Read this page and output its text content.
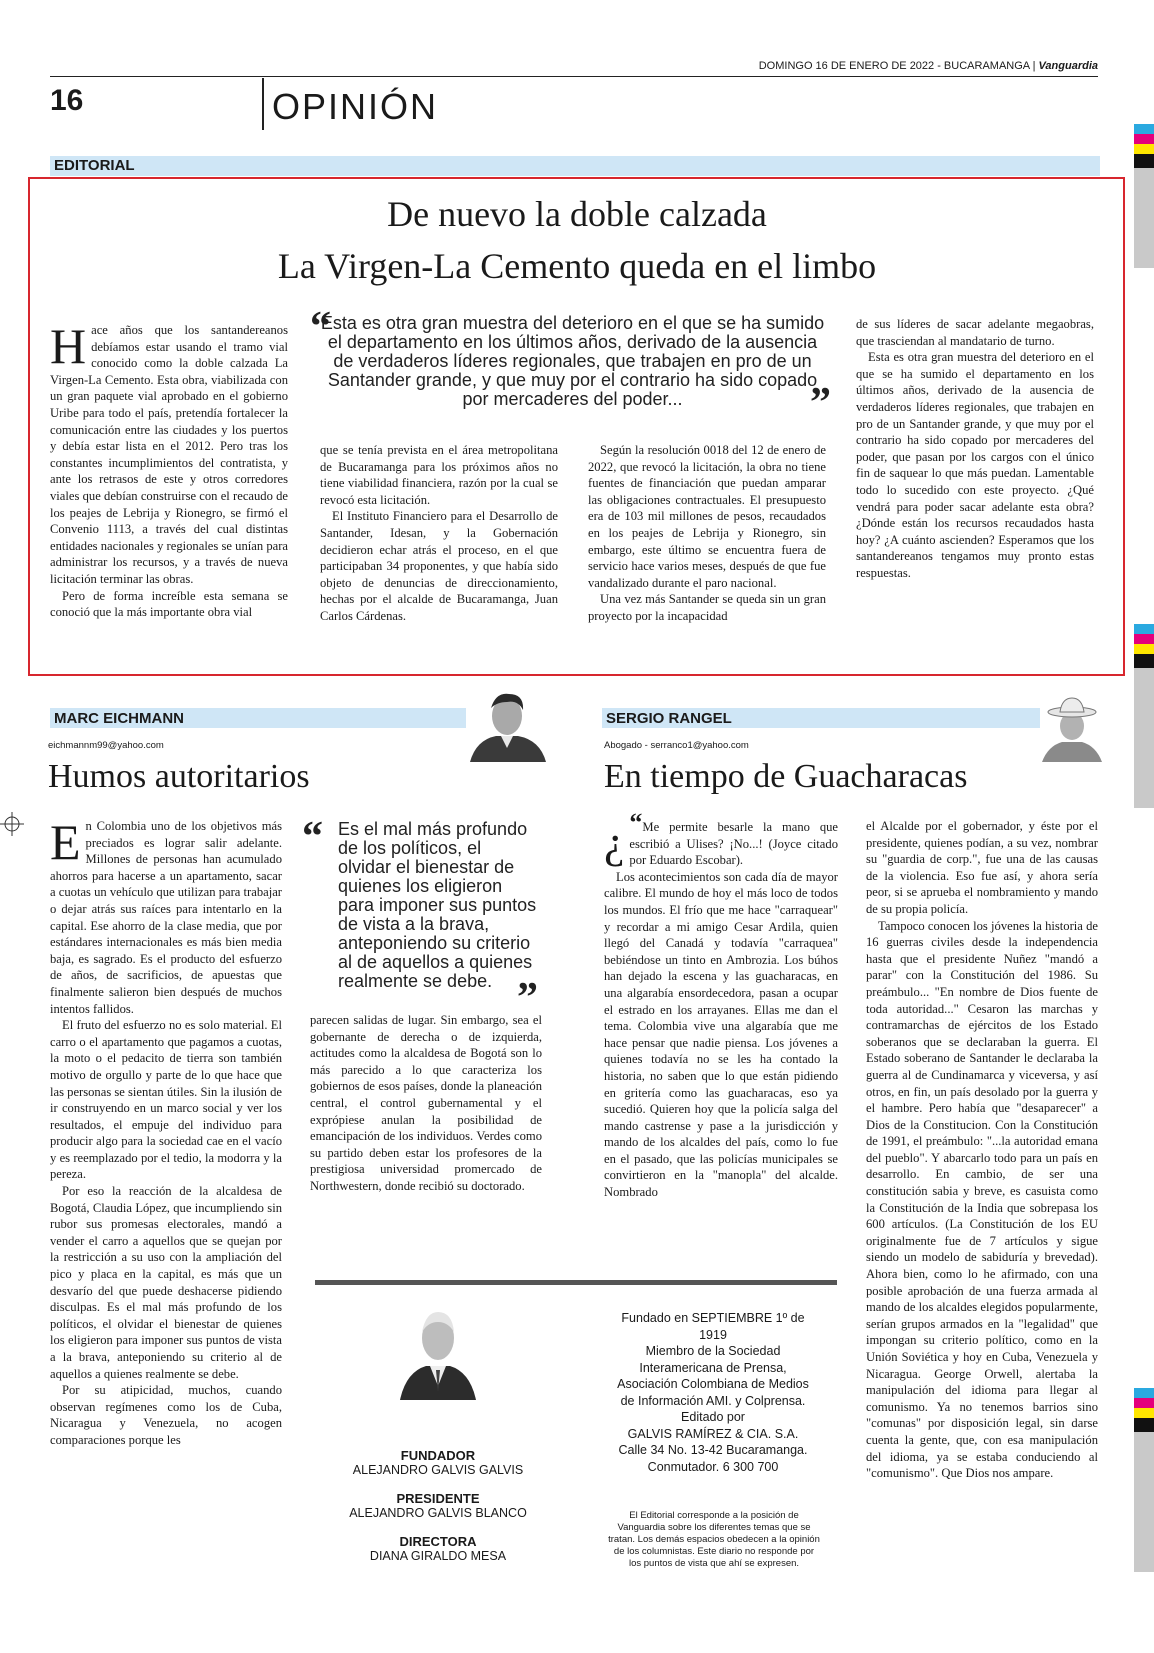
DOMINGO 16 DE ENERO DE 2022 - BUCARAMANGA | Vanguardia
16	OPINIÓN
EDITORIAL
De nuevo la doble calzada
La Virgen-La Cemento queda en el limbo

Hace años que los santandereanos debíamos estar usando el tramo vial conocido como la doble calzada La Virgen-La Cemento. Esta obra, viabilizada con un gran paquete vial aprobado en el gobierno Uribe para todo el país, pretendía fortalecer la comunicación entre las ciudades y los puertos y debía estar lista en el 2012. Pero tras los constantes incumplimientos del contratista, y ante los retrasos de este y otros corredores viales que debían construirse con el recaudo de los peajes de Lebrija y Rionegro, se firmó el Convenio 1113, a través del cual distintas entidades nacionales y regionales se unían para administrar los recursos, y a través de nueva licitación terminar las obras.

Pero de forma increíble esta semana se conoció que la más importante obra vial

“
Esta es otra gran muestra del deterioro en el que se ha sumido el departamento en los últimos años, derivado de la ausencia de verdaderos líderes regionales, que trabajen en pro de un Santander grande, y que muy por el contrario ha sido copado por mercaderes del poder...	”

que se tenía prevista en el área metropolitana de Bucaramanga para los próximos años no tiene viabilidad financiera, razón por la cual se revocó esta licitación.

El Instituto Financiero para el Desarrollo de Santander, Idesan, y la Gobernación decidieron echar atrás el proceso, en el que participaban 34 proponentes, y que había sido objeto de denuncias de direccionamiento, hechas por el alcalde de Bucaramanga, Juan Carlos Cárdenas.

Según la resolución 0018 del 12 de enero de 2022, que revocó la licitación, la obra no tiene fuentes de financiación que puedan amparar las obligaciones contractuales. El presupuesto era de 103 mil millones de pesos, recaudados en los peajes de Lebrija y Rionegro, sin embargo, este último se encuentra fuera de servicio hace varios meses, después de que fue vandalizado durante el paro nacional.

Una vez más Santander se queda sin un gran proyecto por la incapacidad

de sus líderes de sacar adelante megaobras, que trasciendan al mandatario de turno.

Esta es otra gran muestra del deterioro en el que se ha sumido el departamento en los últimos años, derivado de la ausencia de verdaderos líderes regionales, que trabajen en pro de un Santander grande, y que muy por el contrario ha sido copado por mercaderes del poder, que pasan por los cargos con el único fin de saquear lo que más puedan. Lamentable todo lo sucedido con este proyecto. ¿Qué vendrá para poder sacar adelante esta obra? ¿Dónde están los recursos recaudados hasta hoy? ¿A cuánto ascienden? Esperamos que los santandereanos tengamos muy pronto estas respuestas.

MARC EICHMANN
eichmannm99@yahoo.com
Humos autoritarios

En Colombia uno de los objetivos más preciados es lograr salir adelante. Millones de personas han acumulado ahorros para hacerse a un apartamento, sacar a cuotas un vehículo que utilizan para trabajar o dejar atrás sus raíces para intentarlo en la capital. Ese ahorro de la clase media, que por estándares internacionales es más bien media baja, es sagrado. Es el producto del esfuerzo de años, de sacrificios, de apuestas que finalmente salieron bien después de muchos intentos fallidos.

El fruto del esfuerzo no es solo material. El carro o el apartamento que pagamos a cuotas, la moto o el pedacito de tierra son también motivo de orgullo y parte de lo que hace que las personas se sientan útiles. Sin la ilusión de ir construyendo en un marco social y ver los resultados, el empuje del individuo para producir algo para la sociedad cae en el vacío y es reemplazado por el tedio, la modorra y la pereza.

Por eso la reacción de la alcaldesa de Bogotá, Claudia López, que incumpliendo sin rubor sus promesas electorales, mandó a vender el carro a aquellos que se quejan por la restricción a su uso con la ampliación del pico y placa en la capital, es más que un desvarío del que puede deshacerse pidiendo disculpas. Es el mal más profundo de los políticos, el olvidar el bienestar de quienes los eligieron para imponer sus puntos de vista a la brava, anteponiendo su criterio al de aquellos a quienes realmente se debe.

Por su atipicidad, muchos, cuando observan regímenes como los de Cuba, Nicaragua y Venezuela, no acogen comparaciones porque les

“ Es el mal más profundo de los políticos, el olvidar el bienestar de quienes los eligieron para imponer sus puntos de vista a la brava, anteponiendo su criterio al de aquellos a quienes realmente se debe. ”

parecen salidas de lugar. Sin embargo, sea el gobernante de derecha o de izquierda, actitudes como la alcaldesa de Bogotá son lo más parecido a lo que caracteriza los gobiernos de esos países, donde la planeación central, el control gubernamental y el exprópiese anulan la posibilidad de emancipación de los individuos. Verdes como su partido deben estar los profesores de la prestigiosa universidad promercado de Northwestern, donde recibió su doctorado.

SERGIO RANGEL
Abogado - serranco1@yahoo.com
En tiempo de Guacharacas

¿ “Me permite besarle la mano que escribió a Ulises? ¡No...! (Joyce citado por Eduardo Escobar).

Los acontecimientos son cada día de mayor calibre. El mundo de hoy el más loco de todos los mundos. El frío que me hace "carraquear" y recordar a mi amigo Cesar Ardila, quien llegó del Canadá y todavía "carraquea" bebiéndose un tinto en Ambrozia. Los búhos han dejado la escena y las guacharacas, en una algarabía ensordecedora, pasan a ocupar el estrado en los arrayanes. Ellas me dan el tema. Colombia vive una algarabía que me hace pensar que nadie piensa. Los jóvenes a quienes todavía no se les ha contado la historia, no saben que lo que están pidiendo en gritería como las guacharacas, eso ya sucedió. Quieren hoy que la policía salga del mando castrense y pase a la jurisdicción y mando de los alcaldes del país, como lo fue en el pasado, que las policías municipales se convirtieron en la "manopla" del alcalde. Nombrado

el Alcalde por el gobernador, y éste por el presidente, quienes podían, a su vez, nombrar su "guardia de corp.", fue una de las causas de la violencia. Eso fue así, y ahora sería peor, si se aprueba el nombramiento y mando de su propia policía.

Tampoco conocen los jóvenes la historia de 16 guerras civiles desde la independencia hasta que el presidente Nuñez "mandó a parar" con la Constitución del 1986. Su preámbulo... "En nombre de Dios fuente de toda autoridad..." Cesaron las marchas y contramarchas de ejércitos de los Estado soberanos que se declaraban la guerra. El Estado soberano de Santander le declaraba la guerra al de Cundinamarca y viceversa, y así otros, en fin, un país desolado por la guerra y el hambre. Pero había que "desaparecer" a Dios de la Constitucion. Con la Constitución de 1991, el preámbulo: "...la autoridad emana del pueblo". Y abarcarlo todo para un país en desarrollo. En cambio, de ser una constitución sabia y breve, es casuista como la Constitución de la India que sobrepasa los 600 artículos. (La Constitución de los EU originalmente fue de 7 artículos y sigue siendo un modelo de sabiduría y brevedad). Ahora bien, como lo he afirmado, con una posible aprobación de una fuerza armada al mando de los alcaldes elegidos popularmente, serían grupos armados en la "legalidad" que impongan su criterio político, como en la Unión Soviética y hoy en Cuba, Venezuela y Nicaragua. George Orwell, alertaba la manipulación del idioma para llegar al comunismo. Ya no tenemos barrios sino "comunas" por disposición legal, sin darse cuenta la gente, que, con esa manipulación del idioma, ya se estaba conduciendo al "comunismo". Que Dios nos ampare.

FUNDADOR
ALEJANDRO GALVIS GALVIS
PRESIDENTE
ALEJANDRO GALVIS BLANCO
DIRECTORA
DIANA GIRALDO MESA
Fundado en SEPTIEMBRE 1º de 1919
Miembro de la Sociedad
Interamericana de Prensa,
Asociación Colombiana de Medios
de Información AMI. y Colprensa.
Editado por
GALVIS RAMÍREZ & CIA. S.A.
Calle 34 No. 13-42 Bucaramanga.
Conmutador. 6 300 700
El Editorial corresponde a la posición de Vanguardia sobre los diferentes temas que se tratan. Los demás espacios obedecen a la opinión de los columnistas. Este diario no responde por los puntos de vista que ahí se expresen.
